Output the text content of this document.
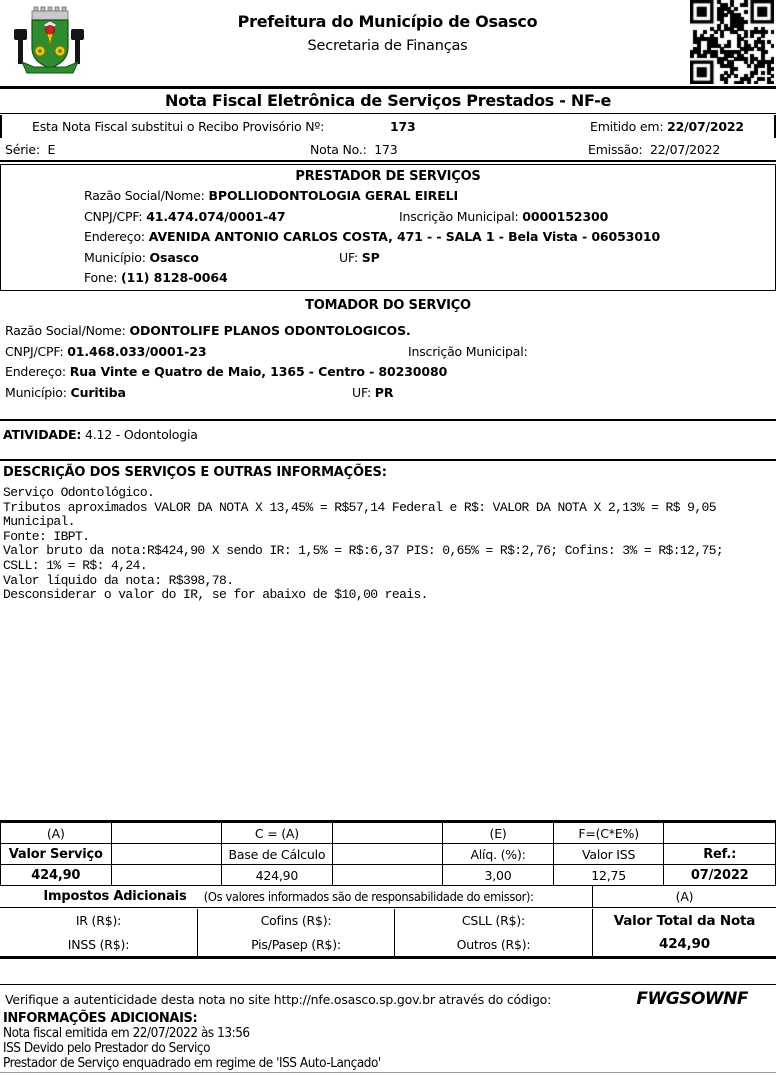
Prefeitura do Município de Osasco
Secretaria de Finanças
Nota Fiscal Eletrônica de Serviços Prestados - NF-e
Esta Nota Fiscal substitui o Recibo Provisório Nº:	173	Emitido em: 22/07/2022
Série: E	Nota No.: 173	Emissão: 22/07/2022
PRESTADOR DE SERVIÇOS
Razão Social/Nome: BPOLLIODONTOLOGIA GERAL EIRELI
CNPJ/CPF: 41.474.074/0001-47	Inscrição Municipal: 0000152300
Endereço: AVENIDA ANTONIO CARLOS COSTA, 471 - - SALA 1 - Bela Vista - 06053010
Município: Osasco	UF: SP
Fone: (11) 8128-0064
TOMADOR DO SERVIÇO
Razão Social/Nome: ODONTOLIFE PLANOS ODONTOLOGICOS.
CNPJ/CPF: 01.468.033/0001-23	Inscrição Municipal:
Endereço: Rua Vinte e Quatro de Maio, 1365 - Centro - 80230080
Município: Curitiba	UF: PR
ATIVIDADE: 4.12 - Odontologia
DESCRIÇÃO DOS SERVIÇOS E OUTRAS INFORMAÇÕES:
Serviço Odontológico.
Tributos aproximados VALOR DA NOTA X 13,45% = R$57,14 Federal e R$: VALOR DA NOTA X 2,13% = R$ 9,05
Municipal.
Fonte: IBPT.
Valor bruto da nota:R$424,90 X sendo IR: 1,5% = R$:6,37 PIS: 0,65% = R$:2,76; Cofins: 3% = R$:12,75;
CSLL: 1% = R$: 4,24.
Valor líquido da nota: R$398,78.
Desconsiderar o valor do IR, se for abaixo de $10,00 reais.
(A)	C = (A)	(E)	F=(C*E%)
Valor Serviço	Base de Cálculo	Alíq. (%):	Valor ISS	Ref.:
424,90	424,90	3,00	12,75	07/2022
Impostos Adicionais (Os valores informados são de responsabilidade do emissor):	(A)
IR (R$):	Cofins (R$):	CSLL (R$):
INSS (R$):	Pis/Pasep (R$):	Outros (R$):
Valor Total da Nota
424,90
Verifique a autenticidade desta nota no site http://nfe.osasco.sp.gov.br através do código:	FWGSOWNF
INFORMAÇÕES ADICIONAIS:
Nota fiscal emitida em 22/07/2022 às 13:56
ISS Devido pelo Prestador do Serviço
Prestador de Serviço enquadrado em regime de 'ISS Auto-Lançado'
